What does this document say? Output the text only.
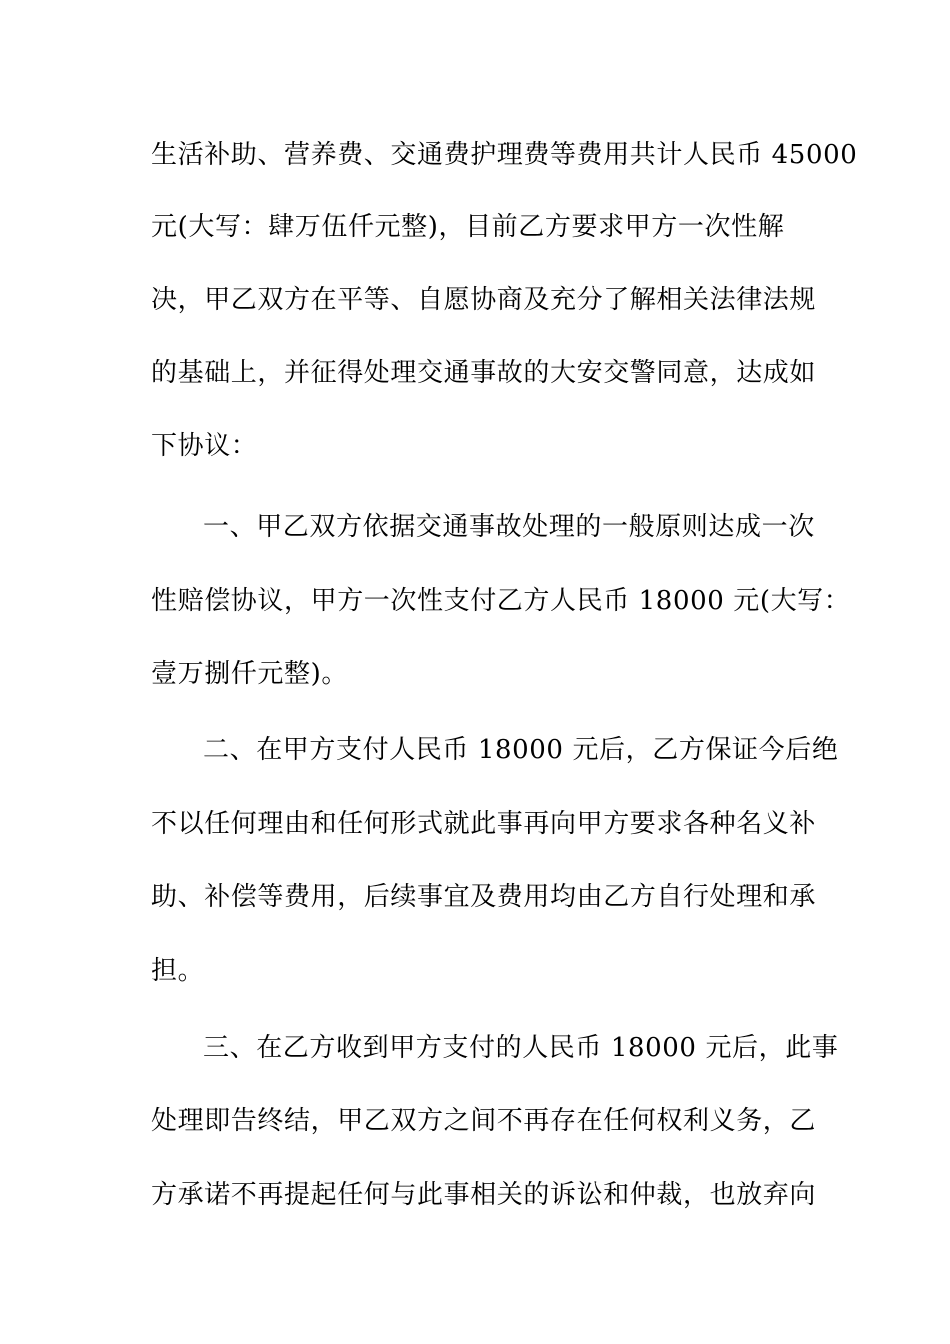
生活补助、营养费、交通费护理费等费用共计人民币 45000
元(大写：肆万伍仟元整)，目前乙方要求甲方一次性解
决，甲乙双方在平等、自愿协商及充分了解相关法律法规
的基础上，并征得处理交通事故的大安交警同意，达成如
下协议：
一、甲乙双方依据交通事故处理的一般原则达成一次
性赔偿协议，甲方一次性支付乙方人民币 18000 元(大写：
壹万捌仟元整)。
二、在甲方支付人民币 18000 元后，乙方保证今后绝
不以任何理由和任何形式就此事再向甲方要求各种名义补
助、补偿等费用，后续事宜及费用均由乙方自行处理和承
担。
三、在乙方收到甲方支付的人民币 18000 元后，此事
处理即告终结，甲乙双方之间不再存在任何权利义务，乙
方承诺不再提起任何与此事相关的诉讼和仲裁，也放弃向
